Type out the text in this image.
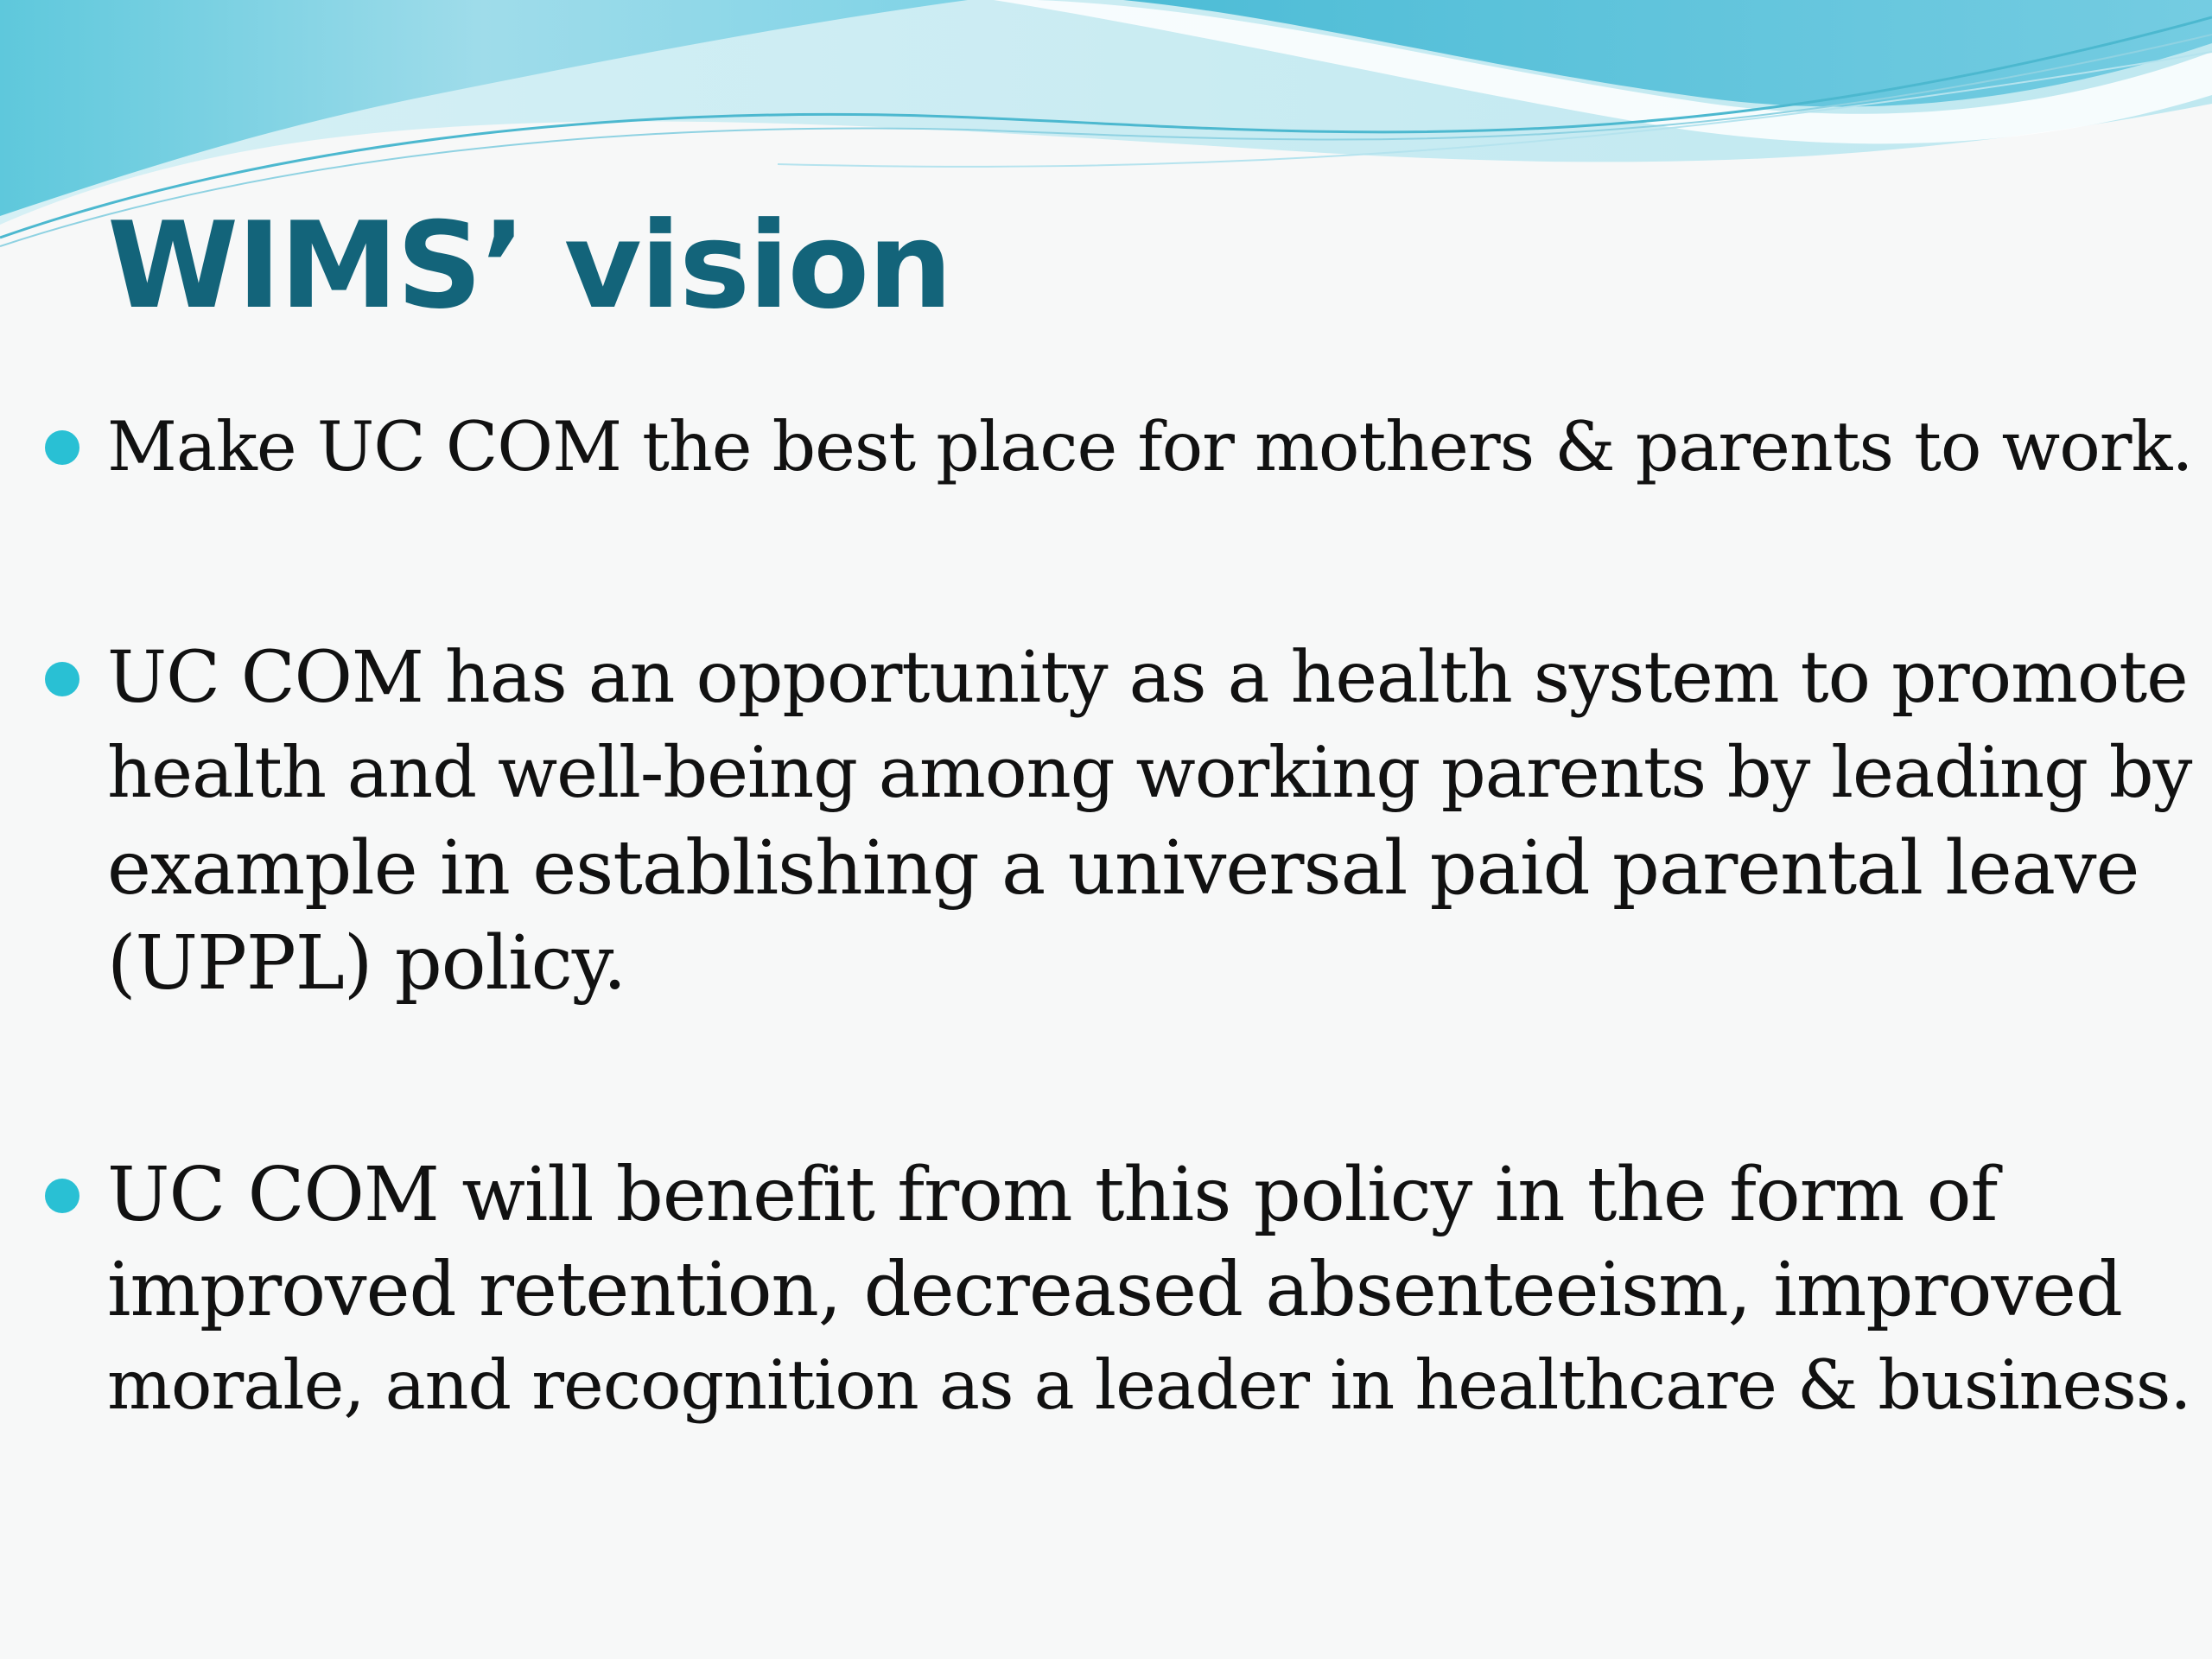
WIMS’ vision
Make UC COM the best place for mothers & parents to work.
UC COM has an opportunity as a health system to promote
health and well-being among working parents by leading by
example in establishing a universal paid parental leave
(UPPL) policy.
UC COM will benefit from this policy in the form of
improved retention, decreased absenteeism, improved
morale, and recognition as a leader in healthcare & business.
